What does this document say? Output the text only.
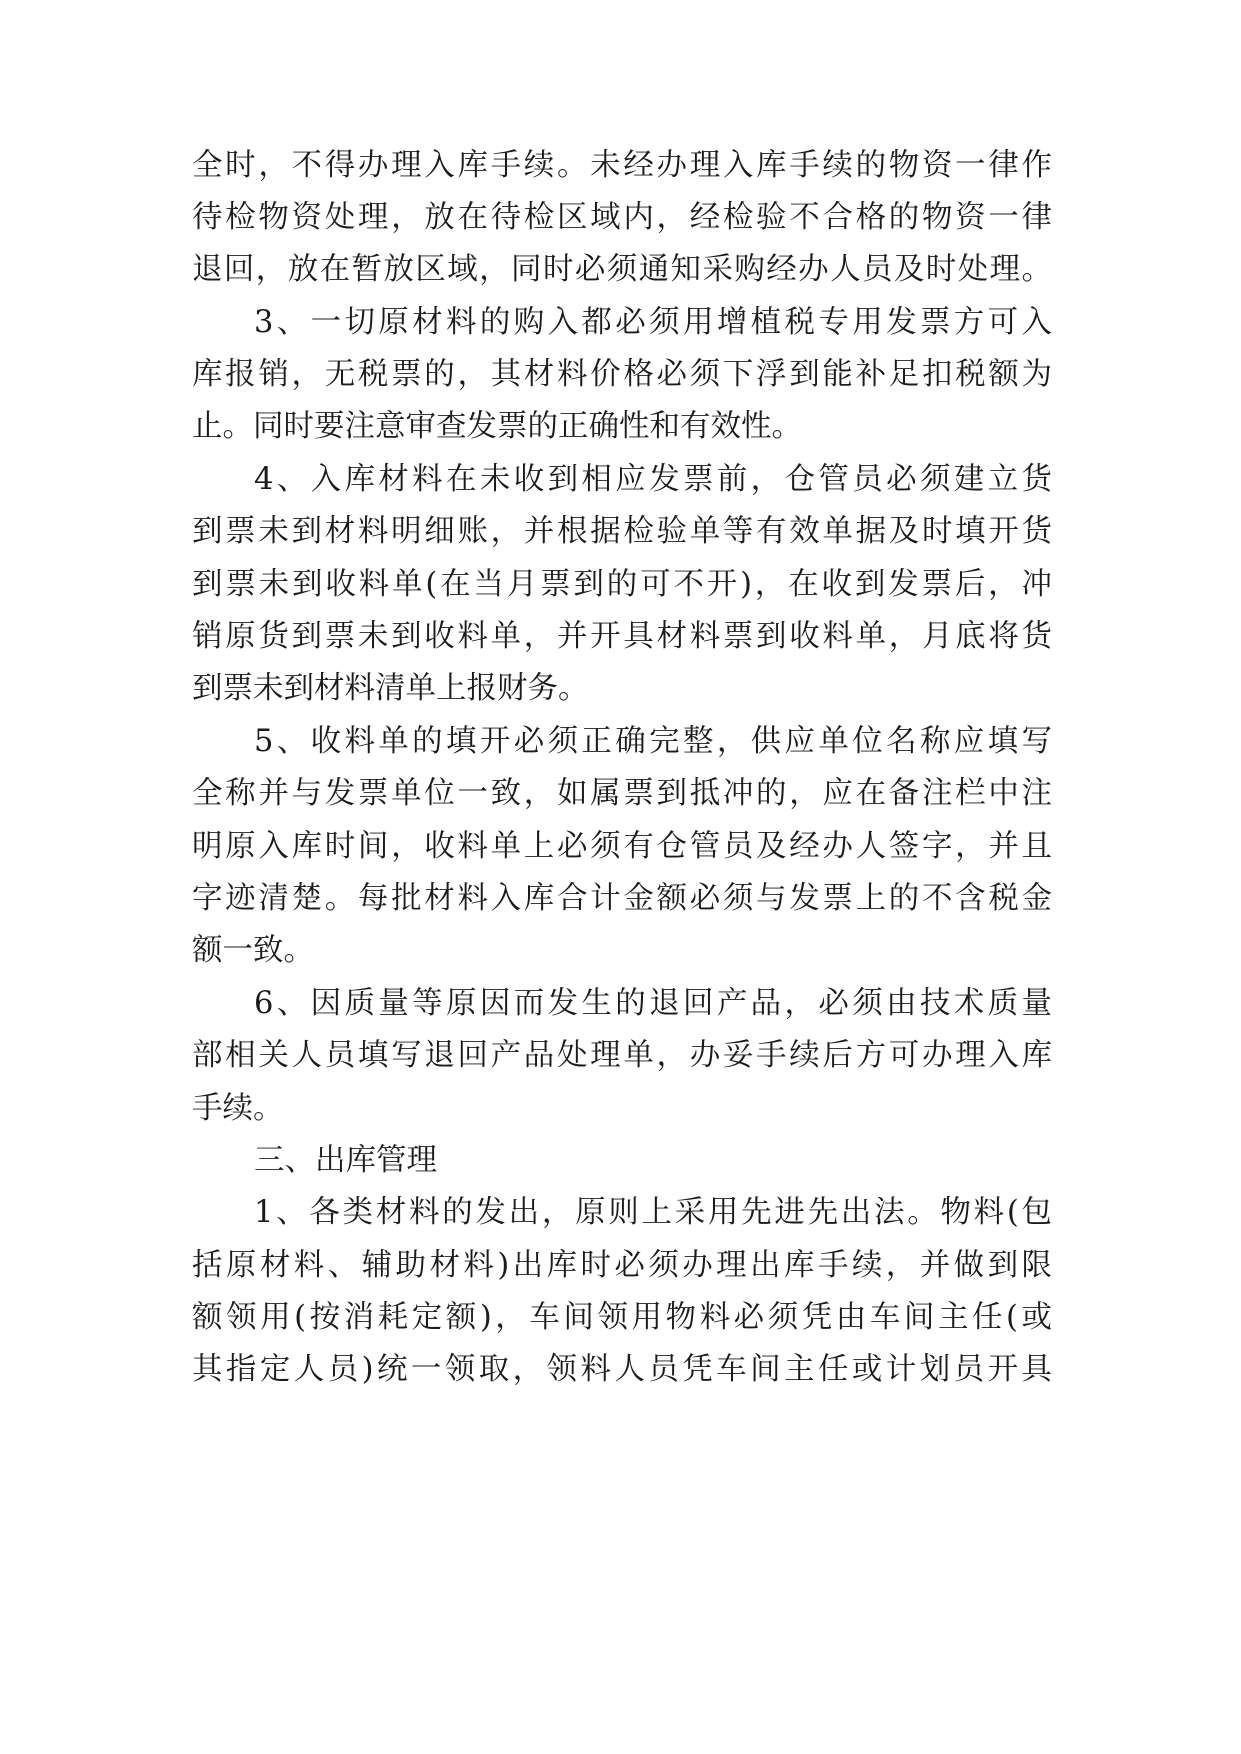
全时，不得办理入库手续。未经办理入库手续的物资一律作
待检物资处理，放在待检区域内，经检验不合格的物资一律
退回，放在暂放区域，同时必须通知采购经办人员及时处理。
3、一切原材料的购入都必须用增植税专用发票方可入
库报销，无税票的，其材料价格必须下浮到能补足扣税额为
止。同时要注意审查发票的正确性和有效性。
4、入库材料在未收到相应发票前，仓管员必须建立货
到票未到材料明细账，并根据检验单等有效单据及时填开货
到票未到收料单(在当月票到的可不开)，在收到发票后，冲
销原货到票未到收料单，并开具材料票到收料单，月底将货
到票未到材料清单上报财务。
5、收料单的填开必须正确完整，供应单位名称应填写
全称并与发票单位一致，如属票到抵冲的，应在备注栏中注
明原入库时间，收料单上必须有仓管员及经办人签字，并且
字迹清楚。每批材料入库合计金额必须与发票上的不含税金
额一致。
6、因质量等原因而发生的退回产品，必须由技术质量
部相关人员填写退回产品处理单，办妥手续后方可办理入库
手续。
三、出库管理
1、各类材料的发出，原则上采用先进先出法。物料(包
括原材料、辅助材料)出库时必须办理出库手续，并做到限
额领用(按消耗定额)，车间领用物料必须凭由车间主任(或
其指定人员)统一领取，领料人员凭车间主任或计划员开具
